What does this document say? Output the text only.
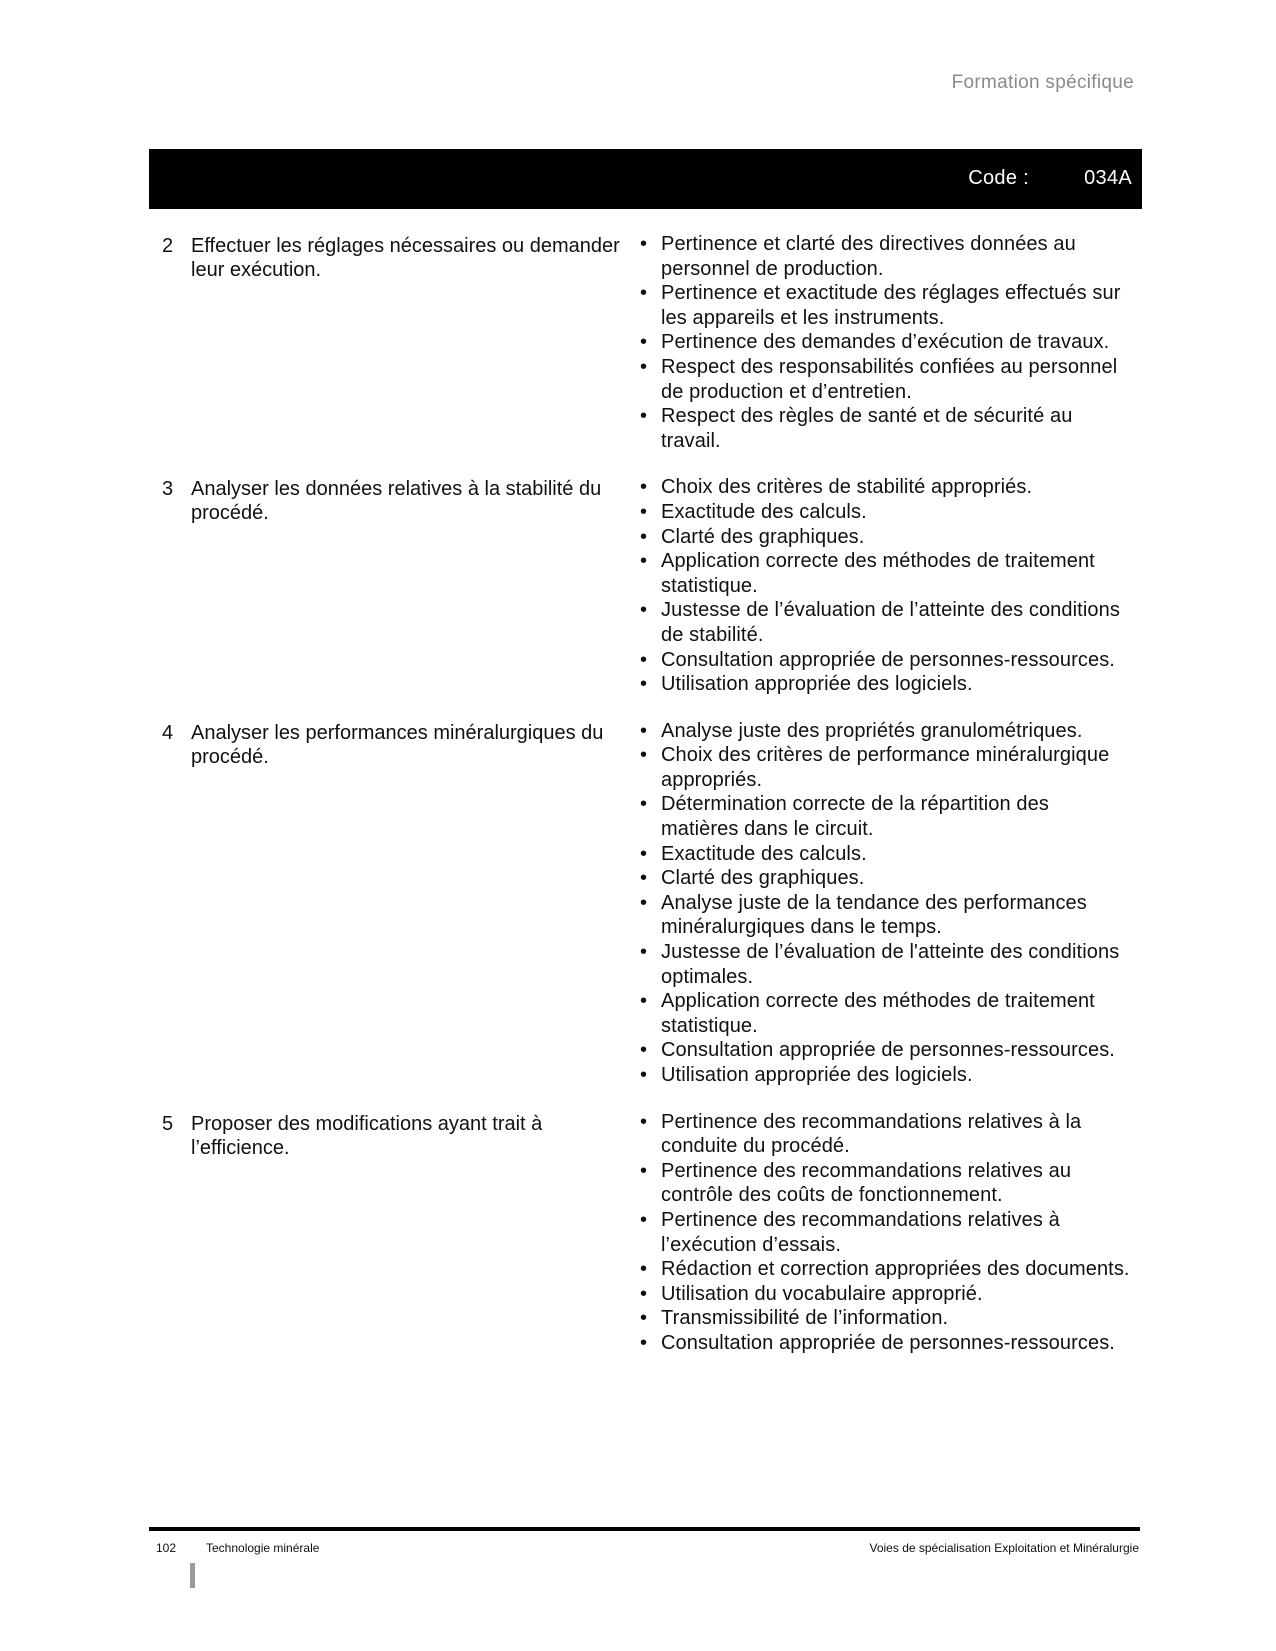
Formation spécifique
Code :	034A
2 Effectuer les réglages nécessaires ou demander leur exécution.
• Pertinence et clarté des directives données au personnel de production.
• Pertinence et exactitude des réglages effectués sur les appareils et les instruments.
• Pertinence des demandes d’exécution de travaux.
• Respect des responsabilités confiées au personnel de production et d’entretien.
• Respect des règles de santé et de sécurité au travail.
3 Analyser les données relatives à la stabilité du procédé.
• Choix des critères de stabilité appropriés.
• Exactitude des calculs.
• Clarté des graphiques.
• Application correcte des méthodes de traitement statistique.
• Justesse de l’évaluation de l’atteinte des conditions de stabilité.
• Consultation appropriée de personnes-ressources.
• Utilisation appropriée des logiciels.
4 Analyser les performances minéralurgiques du procédé.
• Analyse juste des propriétés granulométriques.
• Choix des critères de performance minéralurgique appropriés.
• Détermination correcte de la répartition des matières dans le circuit.
• Exactitude des calculs.
• Clarté des graphiques.
• Analyse juste de la tendance des performances minéralurgiques dans le temps.
• Justesse de l’évaluation de l'atteinte des conditions optimales.
• Application correcte des méthodes de traitement statistique.
• Consultation appropriée de personnes-ressources.
• Utilisation appropriée des logiciels.
5 Proposer des modifications ayant trait à l’efficience.
• Pertinence des recommandations relatives à la conduite du procédé.
• Pertinence des recommandations relatives au contrôle des coûts de fonctionnement.
• Pertinence des recommandations relatives à l’exécution d’essais.
• Rédaction et correction appropriées des documents.
• Utilisation du vocabulaire approprié.
• Transmissibilité de l’information.
• Consultation appropriée de personnes-ressources.
102 Technologie minérale	Voies de spécialisation Exploitation et Minéralurgie
